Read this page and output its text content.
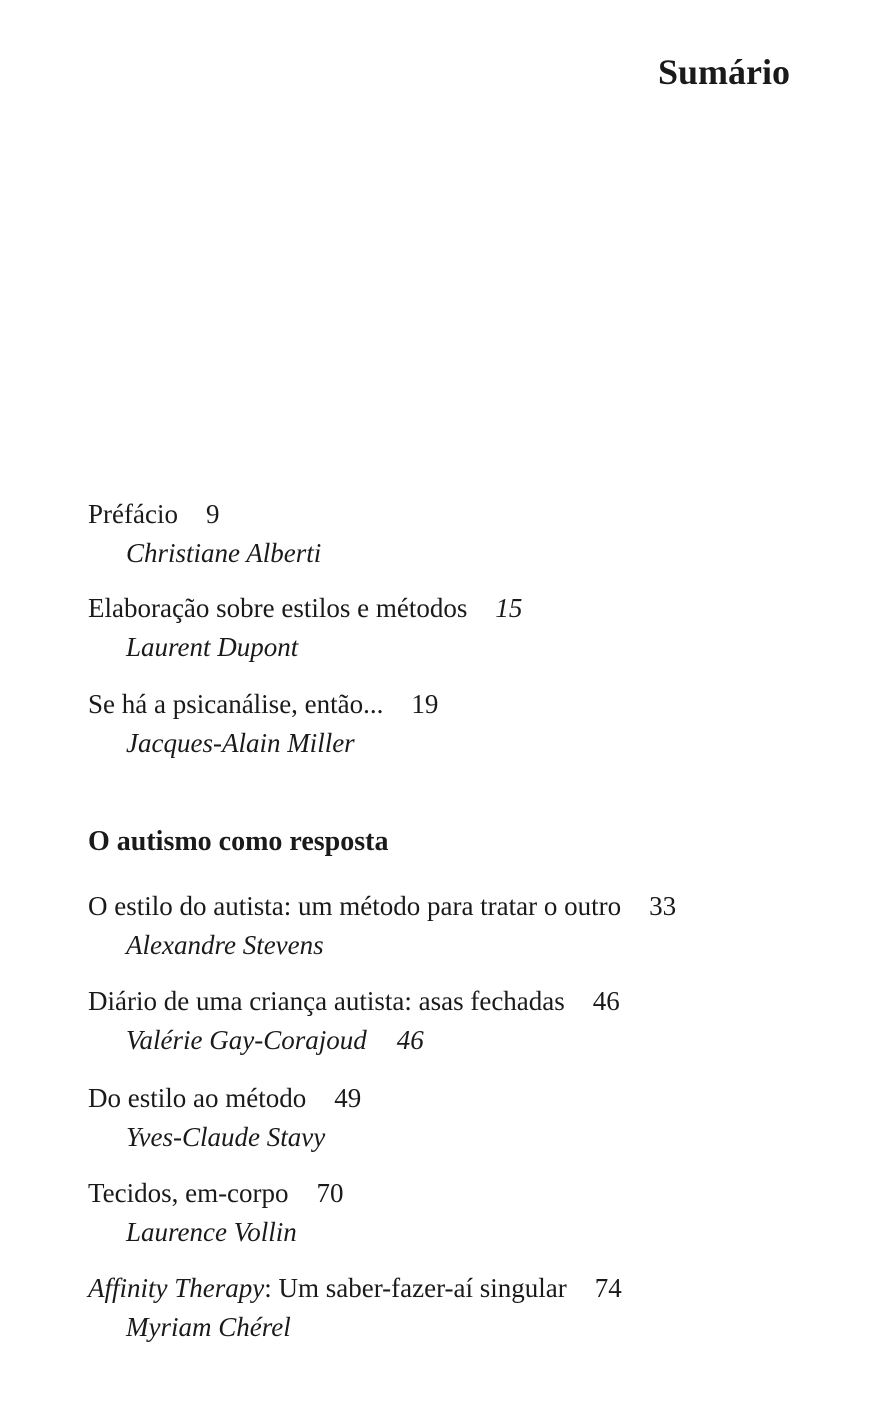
Sumário
Préfácio 9
Christiane Alberti
Elaboração sobre estilos e métodos 15
Laurent Dupont
Se há a psicanálise, então... 19
Jacques-Alain Miller
O autismo como resposta
O estilo do autista: um método para tratar o outro 33
Alexandre Stevens
Diário de uma criança autista: asas fechadas 46
Valérie Gay-Corajoud 46
Do estilo ao método 49
Yves-Claude Stavy
Tecidos, em-corpo 70
Laurence Vollin
Affinity Therapy: Um saber-fazer-aí singular 74
Myriam Chérel
